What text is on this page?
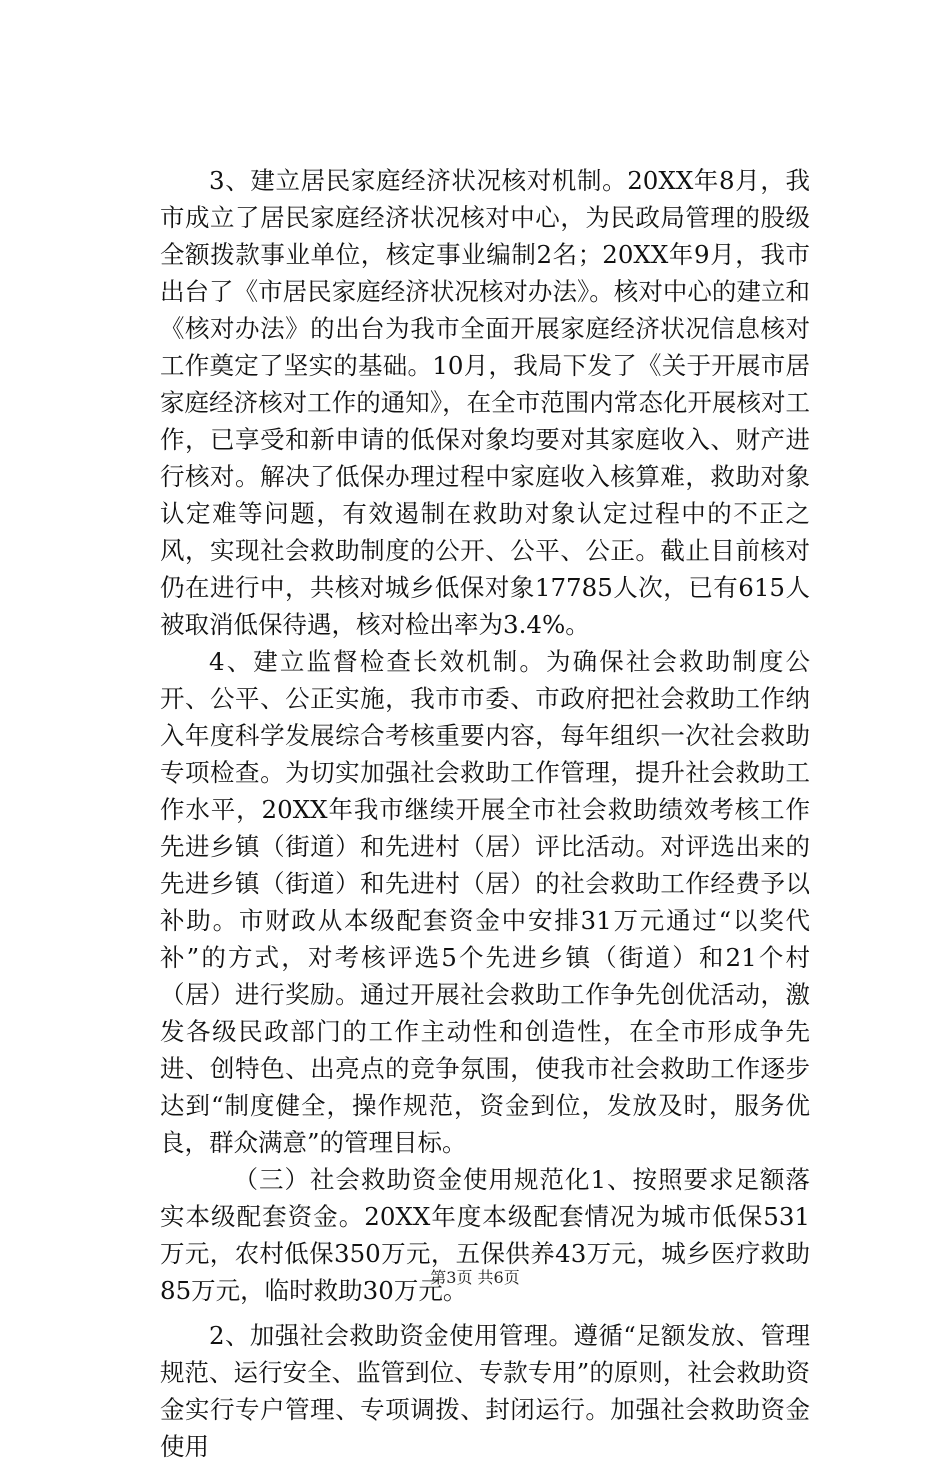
3、建立居民家庭经济状况核对机制。20XX年8月，我市成立了居民家庭经济状况核对中心，为民政局管理的股级全额拨款事业单位，核定事业编制2名；20XX年9月，我市出台了《市居民家庭经济状况核对办法》。核对中心的建立和《核对办法》的出台为我市全面开展家庭经济状况信息核对工作奠定了坚实的基础。10月，我局下发了《关于开展市居家庭经济核对工作的通知》，在全市范围内常态化开展核对工作，已享受和新申请的低保对象均要对其家庭收入、财产进行核对。解决了低保办理过程中家庭收入核算难，救助对象认定难等问题，有效遏制在救助对象认定过程中的不正之风，实现社会救助制度的公开、公平、公正。截止目前核对仍在进行中，共核对城乡低保对象17785人次，已有615人被取消低保待遇，核对检出率为3.4%。

4、建立监督检查长效机制。为确保社会救助制度公开、公平、公正实施，我市市委、市政府把社会救助工作纳入年度科学发展综合考核重要内容，每年组织一次社会救助专项检查。为切实加强社会救助工作管理，提升社会救助工作水平，20XX年我市继续开展全市社会救助绩效考核工作先进乡镇（街道）和先进村（居）评比活动。对评选出来的先进乡镇（街道）和先进村（居）的社会救助工作经费予以补助。市财政从本级配套资金中安排31万元通过“以奖代补”的方式，对考核评选5个先进乡镇（街道）和21个村（居）进行奖励。通过开展社会救助工作争先创优活动，激发各级民政部门的工作主动性和创造性，在全市形成争先进、创特色、出亮点的竞争氛围，使我市社会救助工作逐步达到“制度健全，操作规范，资金到位，发放及时，服务优良，群众满意”的管理目标。

（三）社会救助资金使用规范化1、按照要求足额落实本级配套资金。20XX年度本级配套情况为城市低保531万元，农村低保350万元，五保供养43万元，城乡医疗救助85万元，临时救助30万元。

2、加强社会救助资金使用管理。遵循“足额发放、管理规范、运行安全、监管到位、专款专用”的原则，社会救助资金实行专户管理、专项调拨、封闭运行。加强社会救助资金使用

第3页 共6页
